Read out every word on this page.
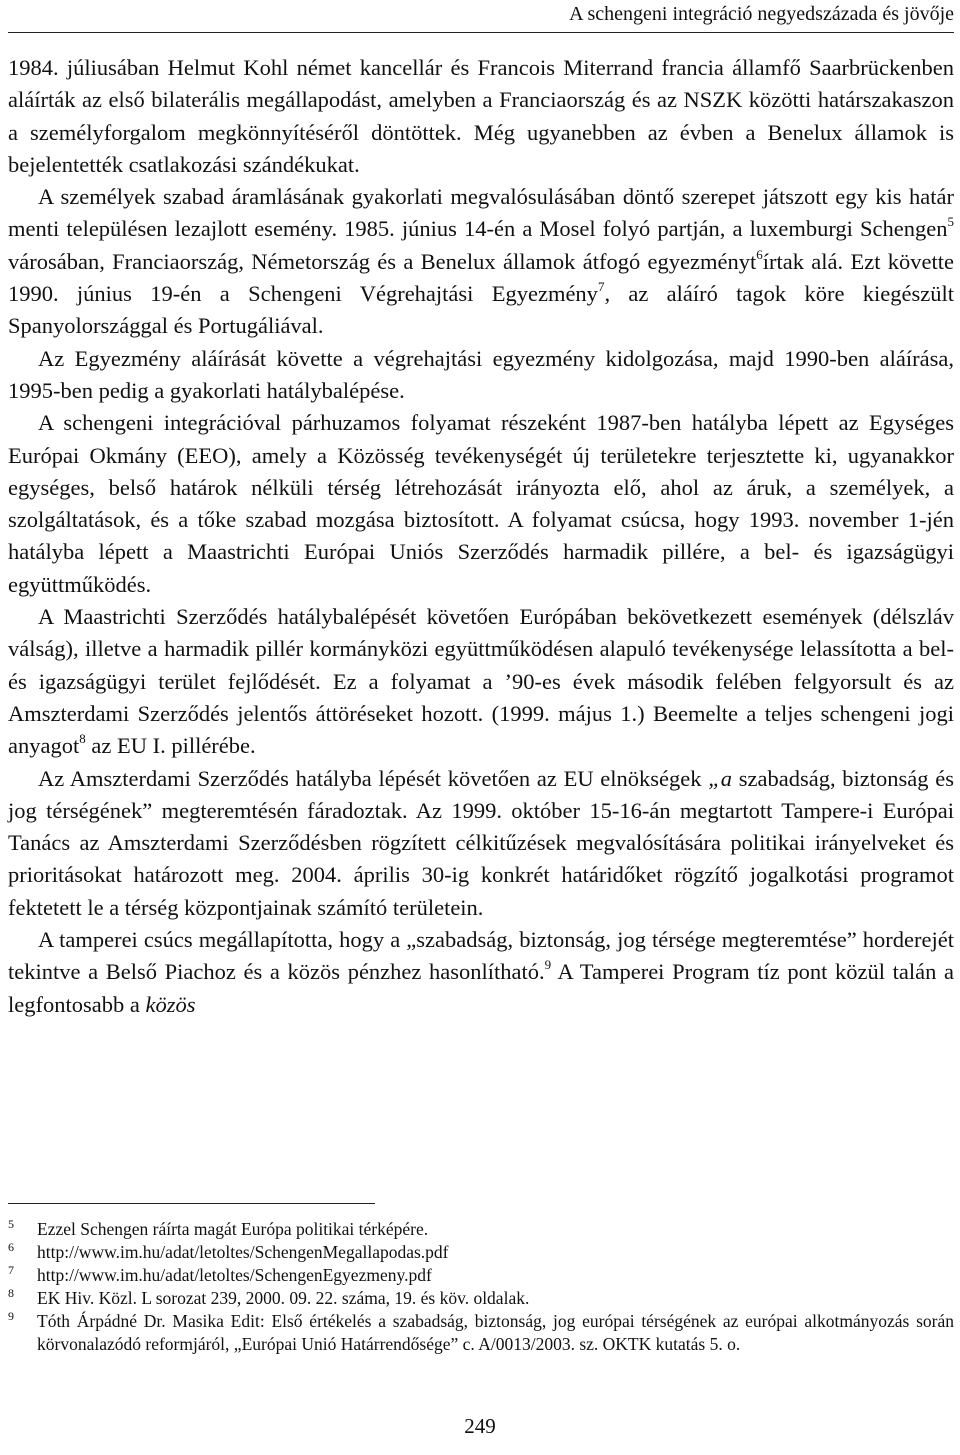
A schengeni integráció negyedszázada és jövője

1984. júliusában Helmut Kohl német kancellár és Francois Miterrand francia államfő Saarbrückenben aláírták az első bilaterális megállapodást, amelyben a Franciaország és az NSZK közötti határszakaszon a személyforgalom megkönnyítéséről döntöttek. Még ugyanebben az évben a Benelux államok is bejelentették csatlakozási szándékukat.

A személyek szabad áramlásának gyakorlati megvalósulásában döntő szerepet játszott egy kis határ menti településen lezajlott esemény. 1985. június 14-én a Mosel folyó partján, a luxemburgi Schengen$^5$ városában, Franciaország, Németország és a Benelux államok átfogó egyezményt$^6$írtak alá. Ezt követte 1990. június 19-én a Schengeni Végrehajtási Egyezmény$^7$, az aláíró tagok köre kiegészült Spanyolországgal és Portugáliával.

Az Egyezmény aláírását követte a végrehajtási egyezmény kidolgozása, majd 1990-ben aláírása, 1995-ben pedig a gyakorlati hatálybalépése.

A schengeni integrációval párhuzamos folyamat részeként 1987-ben hatályba lépett az Egységes Európai Okmány (EEO), amely a Közösség tevékenységét új területekre terjesztette ki, ugyanakkor egységes, belső határok nélküli térség létrehozását irányozta elő, ahol az áruk, a személyek, a szolgáltatások, és a tőke szabad mozgása biztosított. A folyamat csúcsa, hogy 1993. november 1-jén hatályba lépett a Maastrichti Európai Uniós Szerződés harmadik pillére, a bel- és igazságügyi együttműködés.

A Maastrichti Szerződés hatálybalépését követően Európában bekövetkezett események (délszláv válság), illetve a harmadik pillér kormányközi együttműködésen alapuló tevékenysége lelassította a bel- és igazságügyi terület fejlődését. Ez a folyamat a ’90-es évek második felében felgyorsult és az Amszterdami Szerződés jelentős áttöréseket hozott. (1999. május 1.) Beemelte a teljes schengeni jogi anyagot$^8$ az EU I. pillérébe.

Az Amszterdami Szerződés hatályba lépését követően az EU elnökségek „a szabadság, biztonság és jog térségének” megteremtésén fáradoztak. Az 1999. október 15-16-án megtartott Tampere-i Európai Tanács az Amszterdami Szerződésben rögzített célkitűzések megvalósítására politikai irányelveket és prioritásokat határozott meg. 2004. április 30-ig konkrét határidőket rögzítő jogalkotási programot fektetett le a térség központjainak számító területein.

A tamperei csúcs megállapította, hogy a „szabadság, biztonság, jog térsége megteremtése” horderejét tekintve a Belső Piachoz és a közös pénzhez hasonlítható.$^9$ A Tamperei Program tíz pont közül talán a legfontosabb a közös

5 Ezzel Schengen ráírta magát Európa politikai térképére.

6 http://www.im.hu/adat/letoltes/SchengenMegallapodas.pdf

7 http://www.im.hu/adat/letoltes/SchengenEgyezmeny.pdf

8 EK Hiv. Közl. L sorozat 239, 2000. 09. 22. száma, 19. és köv. oldalak.

9 Tóth Árpádné Dr. Masika Edit: Első értékelés a szabadság, biztonság, jog európai térségének az európai alkotmányozás során körvonalazódó reformjáról, „Európai Unió Határrendősége” c. A/0013/2003. sz. OKTK kutatás 5. o.

249
